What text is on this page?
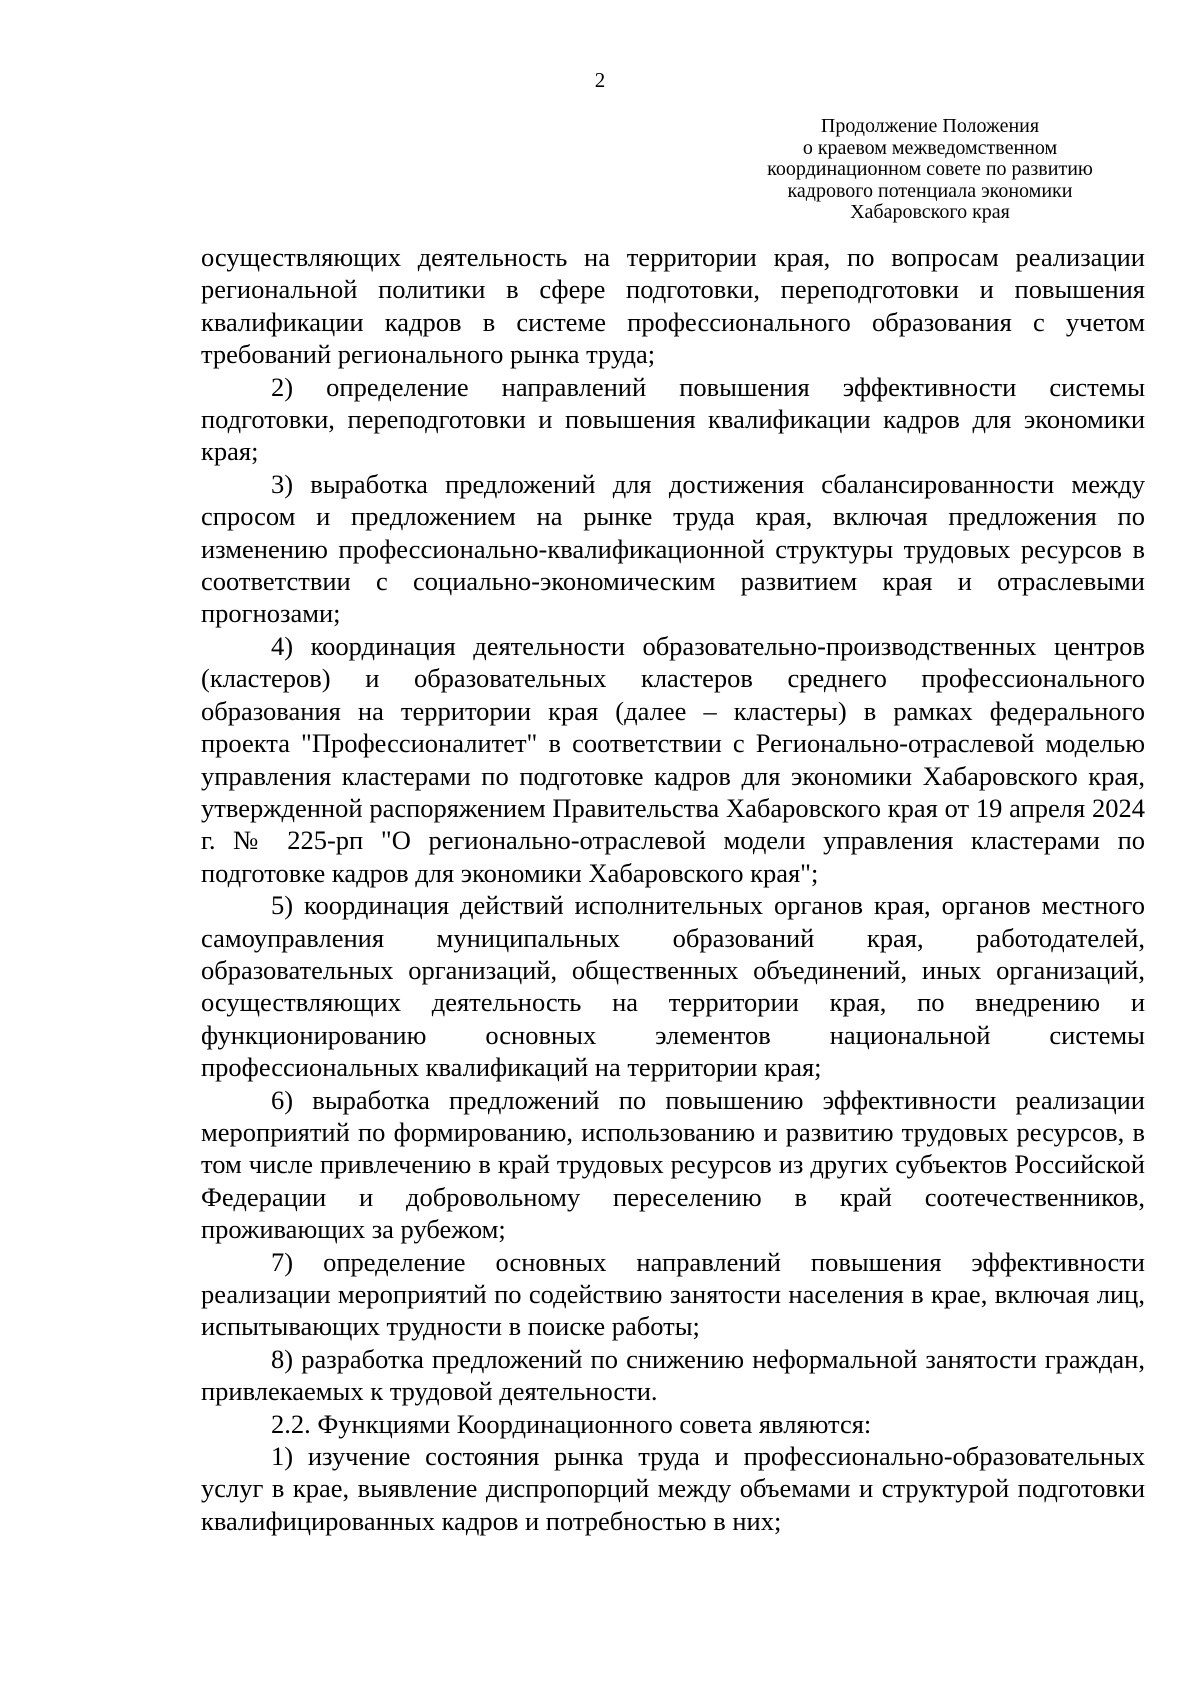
2
Продолжение Положения
о краевом межведомственном
координационном совете по развитию
кадрового потенциала экономики
Хабаровского края

осуществляющих деятельность на территории края, по вопросам реализации региональной политики в сфере подготовки, переподготовки и повышения квалификации кадров в системе профессионального образования с учетом требований регионального рынка труда;

2) определение направлений повышения эффективности системы подготовки, переподготовки и повышения квалификации кадров для экономики края;

3) выработка предложений для достижения сбалансированности между спросом и предложением на рынке труда края, включая предложения по изменению профессионально-квалификационной структуры трудовых ресурсов в соответствии с социально-экономическим развитием края и отраслевыми прогнозами;

4) координация деятельности образовательно-производственных центров (кластеров) и образовательных кластеров среднего профессионального образования на территории края (далее – кластеры) в рамках федерального проекта "Профессионалитет" в соответствии с Регионально-отраслевой моделью управления кластерами по подготовке кадров для экономики Хабаровского края, утвержденной распоряжением Правительства Хабаровского края от 19 апреля 2024 г. № 225-рп "О регионально-отраслевой модели управления кластерами по подготовке кадров для экономики Хабаровского края";

5) координация действий исполнительных органов края, органов местного самоуправления муниципальных образований края, работодателей, образовательных организаций, общественных объединений, иных организаций, осуществляющих деятельность на территории края, по внедрению и функционированию основных элементов национальной системы профессиональных квалификаций на территории края;

6) выработка предложений по повышению эффективности реализации мероприятий по формированию, использованию и развитию трудовых ресурсов, в том числе привлечению в край трудовых ресурсов из других субъектов Российской Федерации и добровольному переселению в край соотечественников, проживающих за рубежом;

7) определение основных направлений повышения эффективности реализации мероприятий по содействию занятости населения в крае, включая лиц, испытывающих трудности в поиске работы;

8) разработка предложений по снижению неформальной занятости граждан, привлекаемых к трудовой деятельности.

2.2. Функциями Координационного совета являются:

1) изучение состояния рынка труда и профессионально-образовательных услуг в крае, выявление диспропорций между объемами и структурой подготовки квалифицированных кадров и потребностью в них;
